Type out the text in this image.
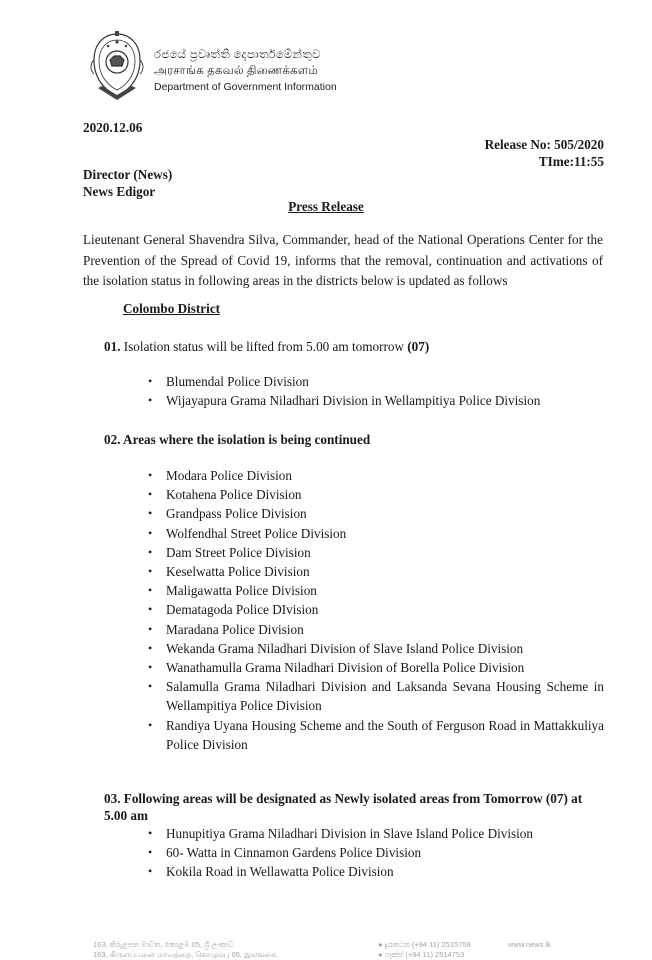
රජයේ ප්‍රවෘත්ති දෙපාර්තමේන්තුව
அரசாங்க தகவல் திணைக்களம்
Department of Government Information
2020.12.06
Release No: 505/2020
TIme:11:55
Director (News)
News Edigor
Press Release
Lieutenant General Shavendra Silva, Commander, head of the National Operations Center for the Prevention of the Spread of Covid 19, informs that the removal, continuation and activations of the isolation status in following areas in the districts below is updated as follows
Colombo District
01. Isolation status will be lifted from 5.00 am tomorrow (07)
• Blumendal Police Division
• Wijayapura Grama Niladhari Division in Wellampitiya Police Division
02. Areas where the isolation is being continued
• Modara Police Division
• Kotahena Police Division
• Grandpass Police Division
• Wolfendhal Street Police Division
• Dam Street Police Division
• Keselwatta Police Division
• Maligawatta Police Division
• Dematagoda Police DIvision
• Maradana Police Division
• Wekanda Grama Niladhari Division of Slave Island Police Division
• Wanathamulla Grama Niladhari Division of Borella Police Division
• Salamulla Grama Niladhari Division and Laksanda Sevana Housing Scheme in Wellampitiya Police Division
• Randiya Uyana Housing Scheme and the South of Ferguson Road in Mattakkuliya Police Division
03. Following areas will be designated as Newly isolated areas from Tomorrow (07) at 5.00 am
• Hunupitiya Grama Niladhari Division in Slave Island Police Division
• 60- Watta in Cinnamon Gardens Police Division
• Kokila Road in Wellawatta Police Division
163, කිරුළපන මාවත, කොළඹ 05, ශ්‍රී ලංකාව.
163, கிருளப்பனை மாவத்தை, கொழும்பு 05, இலங்கை.
● දුරකථන (+94 11) 2515759
● ෆැක්ස් (+94 11) 2514753
www.news.lk
